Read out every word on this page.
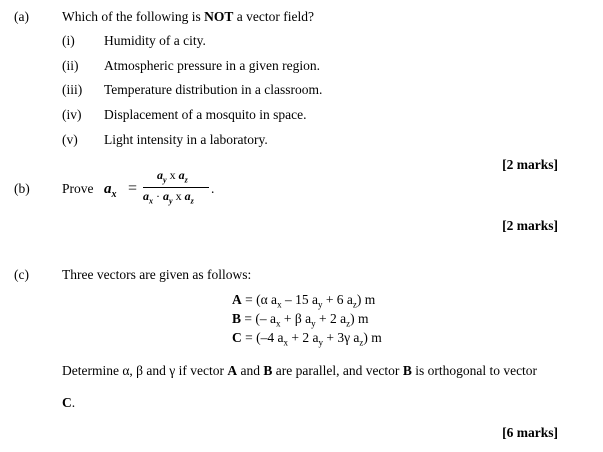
(a) Which of the following is NOT a vector field?
(i) Humidity of a city.
(ii) Atmospheric pressure in a given region.
(iii) Temperature distribution in a classroom.
(iv) Displacement of a mosquito in space.
(v) Light intensity in a laboratory.
[2 marks]
(b) Prove $a_x$ =
$a_y$ x $a_z$
$a_x \cdot a_y$ x $a_z$
.
[2 marks]
(c) Three vectors are given as follows:
A = (α $a_x - 15$ $a_y + 6$ $a_z$) m
B = (– $a_x + \beta$ $a_y + 2$ $a_z$) m
C = (–4 $a_x + 2$ $a_y + 3\gamma$ $a_z$) m
Determine α, β and γ if vector A and B are parallel, and vector B is orthogonal to vector
C.
[6 marks]
